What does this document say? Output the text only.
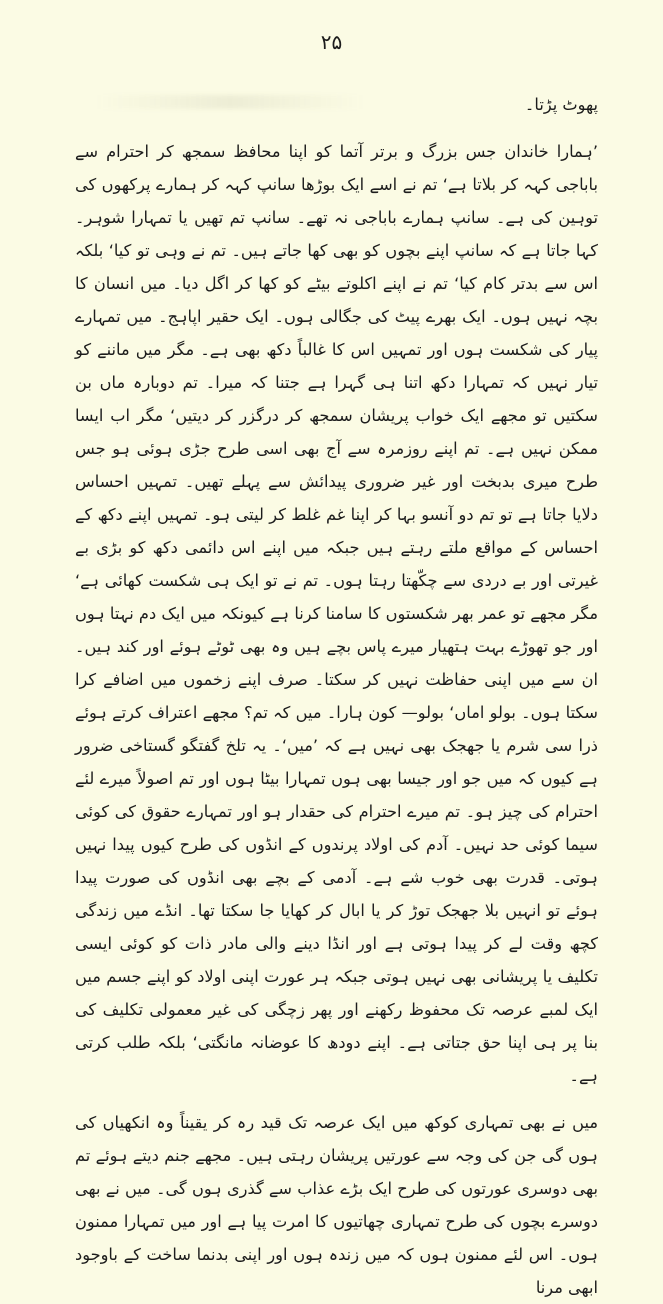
۲۵

پھوٹ پڑتا۔

’ہمارا خاندان جس بزرگ و برتر آتما کو اپنا محافظ سمجھ کر احترام سے باباجی کہہ کر بلاتا ہے‘ تم نے اسے ایک بوڑھا سانپ کہہ کر ہمارے پرکھوں کی توہین کی ہے۔ سانپ ہمارے باباجی نہ تھے۔ سانپ تم تھیں یا تمہارا شوہر۔ کہا جاتا ہے کہ سانپ اپنے بچوں کو بھی کھا جاتے ہیں۔ تم نے وہی تو کیا‘ بلکہ اس سے بدتر کام کیا‘ تم نے اپنے اکلوتے بیٹے کو کھا کر اگل دیا۔ میں انسان کا بچہ نہیں ہوں۔ ایک بھرے پیٹ کی جگالی ہوں۔ ایک حقیر اپاہج۔ میں تمہارے پیار کی شکست ہوں اور تمہیں اس کا غالباً دکھ بھی ہے۔ مگر میں ماننے کو تیار نہیں کہ تمہارا دکھ اتنا ہی گہرا ہے جتنا کہ میرا۔ تم دوبارہ ماں بن سکتیں تو مجھے ایک خواب پریشان سمجھ کر درگزر کر دیتیں‘ مگر اب ایسا ممکن نہیں ہے۔ تم اپنے روزمرہ سے آج بھی اسی طرح جڑی ہوئی ہو جس طرح میری بدبخت اور غیر ضروری پیدائش سے پہلے تھیں۔ تمہیں احساس دلایا جاتا ہے تو تم دو آنسو بہا کر اپنا غم غلط کر لیتی ہو۔ تمہیں اپنے دکھ کے احساس کے مواقع ملتے رہتے ہیں جبکہ میں اپنے اس دائمی دکھ کو بڑی بے غیرتی اور بے دردی سے چکّھتا رہتا ہوں۔ تم نے تو ایک ہی شکست کھائی ہے‘ مگر مجھے تو عمر بھر شکستوں کا سامنا کرنا ہے کیونکہ میں ایک دم نہتا ہوں اور جو تھوڑے بہت ہتھیار میرے پاس بچے ہیں وہ بھی ٹوٹے ہوئے اور کند ہیں۔ ان سے میں اپنی حفاظت نہیں کر سکتا۔ صرف اپنے زخموں میں اضافے کرا سکتا ہوں۔ بولو اماں‘ بولو— کون ہارا۔ میں کہ تم؟ مجھے اعتراف کرتے ہوئے ذرا سی شرم یا جھجک بھی نہیں ہے کہ ’میں‘۔ یہ تلخ گفتگو گستاخی ضرور ہے کیوں کہ میں جو اور جیسا بھی ہوں تمہارا بیٹا ہوں اور تم اصولاً میرے لئے احترام کی چیز ہو۔ تم میرے احترام کی حقدار ہو اور تمہارے حقوق کی کوئی سیما کوئی حد نہیں۔ آدم کی اولاد پرندوں کے انڈوں کی طرح کیوں پیدا نہیں ہوتی۔ قدرت بھی خوب شے ہے۔ آدمی کے بچے بھی انڈوں کی صورت پیدا ہوئے تو انہیں بلا جھجک توڑ کر یا ابال کر کھایا جا سکتا تھا۔ انڈے میں زندگی کچھ وقت لے کر پیدا ہوتی ہے اور انڈا دینے والی مادر ذات کو کوئی ایسی تکلیف یا پریشانی بھی نہیں ہوتی جبکہ ہر عورت اپنی اولاد کو اپنے جسم میں ایک لمبے عرصہ تک محفوظ رکھنے اور پھر زچگی کی غیر معمولی تکلیف کی بنا پر ہی اپنا حق جتاتی ہے۔ اپنے دودھ کا عوضانہ مانگتی‘ بلکہ طلب کرتی ہے۔

میں نے بھی تمہاری کوکھ میں ایک عرصہ تک قید رہ کر یقیناً وہ انکھیاں کی ہوں گی جن کی وجہ سے عورتیں پریشان رہتی ہیں۔ مجھے جنم دیتے ہوئے تم بھی دوسری عورتوں کی طرح ایک بڑے عذاب سے گذری ہوں گی۔ میں نے بھی دوسرے بچوں کی طرح تمہاری چھاتیوں کا امرت پیا ہے اور میں تمہارا ممنون ہوں۔ اس لئے ممنون ہوں کہ میں زندہ ہوں اور اپنی بدنما ساخت کے باوجود ابھی مرنا
